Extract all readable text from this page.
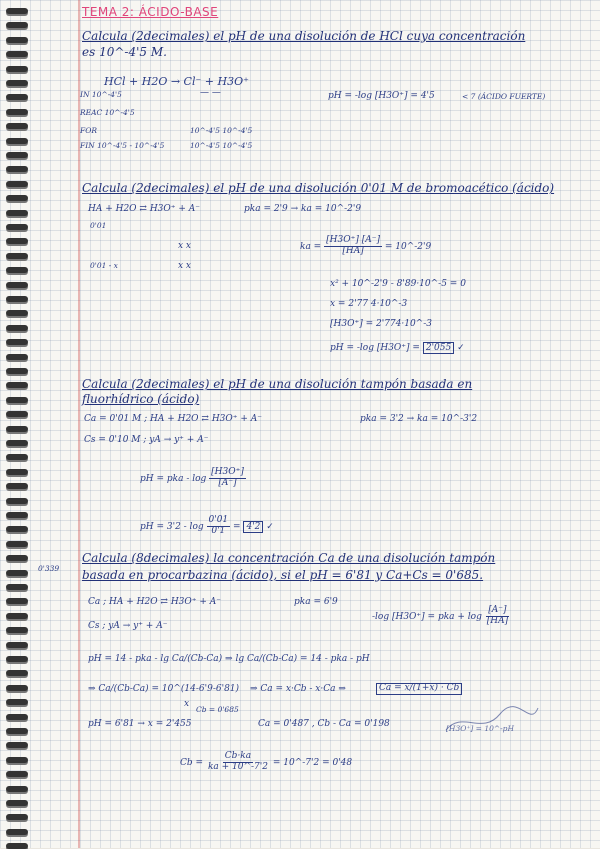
TEMA 2: ÁCIDO-BASE
Calcula (2decimales) el pH de una disolución de HCl cuya concentración
es 10^-4'5 M.
HCl + H2O → Cl⁻ + H3O⁺
IN 10^-4'5	— —
REAC 10^-4'5
FOR	10^-4'5 10^-4'5
FIN 10^-4'5 - 10^-4'5	10^-4'5 10^-4'5
pH = -log [H3O⁺] = 4'5	< 7 (ÁCIDO FUERTE)
Calcula (2decimales) el pH de una disolución 0'01 M de bromoacético (ácido)
HA + H2O ⇄ H3O⁺ + A⁻	pka = 2'9 → ka = 10^-2'9
0'01
x x
0'01 - x	x x
ka = $\frac{[H3O^+] [A^-]}{[HA]}$ = 10^-2'9
x² + 10^-2'9 - 8'89·10^-5 = 0
x = 2'77 4·10^-3
[H3O⁺] = 2'774·10^-3
pH = -log [H3O⁺] = 2'055 ✓
Calcula (2decimales) el pH de una disolución tampón basada en
fluorhídrico (ácido)
Ca = 0'01 M ; HA + H2O ⇄ H3O⁺ + A⁻	pka = 3'2 → ka = 10^-3'2
Cs = 0'10 M ; yA → y⁺ + A⁻
pH = pka - $\log \frac{[H3O^+]}{[A^-]}$
pH = $3'2 - \log \frac{0'01}{0'1} = 4'2$ ✓
0'339
Calcula (8decimales) la concentración Ca de una disolución tampón
basada en procarbazina (ácido), si el pH = 6'81 y Ca+Cs = 0'685.
Ca ; HA + H2O ⇄ H3O⁺ + A⁻	pka = 6'9
Cs ; yA → y⁺ + A⁻
-log [H3O⁺] = pka + $\log \frac{[A^-]}{[HA]}$
pH = 14 - pka - lg Ca/(Cb-Ca) ⇒ lg Ca/(Cb-Ca) = 14 - pka - pH
⇒ Ca/(Cb-Ca) = 10^(14-6'9-6'81)
x
⇒ Ca = x·Cb - x·Ca ⇒	Ca = x/(1+x) · Cb
pH = 6'81 → x = 2'455
Cb = 0'685
Ca = 0'487 , Cb - Ca = 0'198	[H3O⁺] = 10^-pH
$Cb = \frac{Cb\cdot ka}{ka + 10\^{}-7'2}$ = 10^-7'2 = 0'48
